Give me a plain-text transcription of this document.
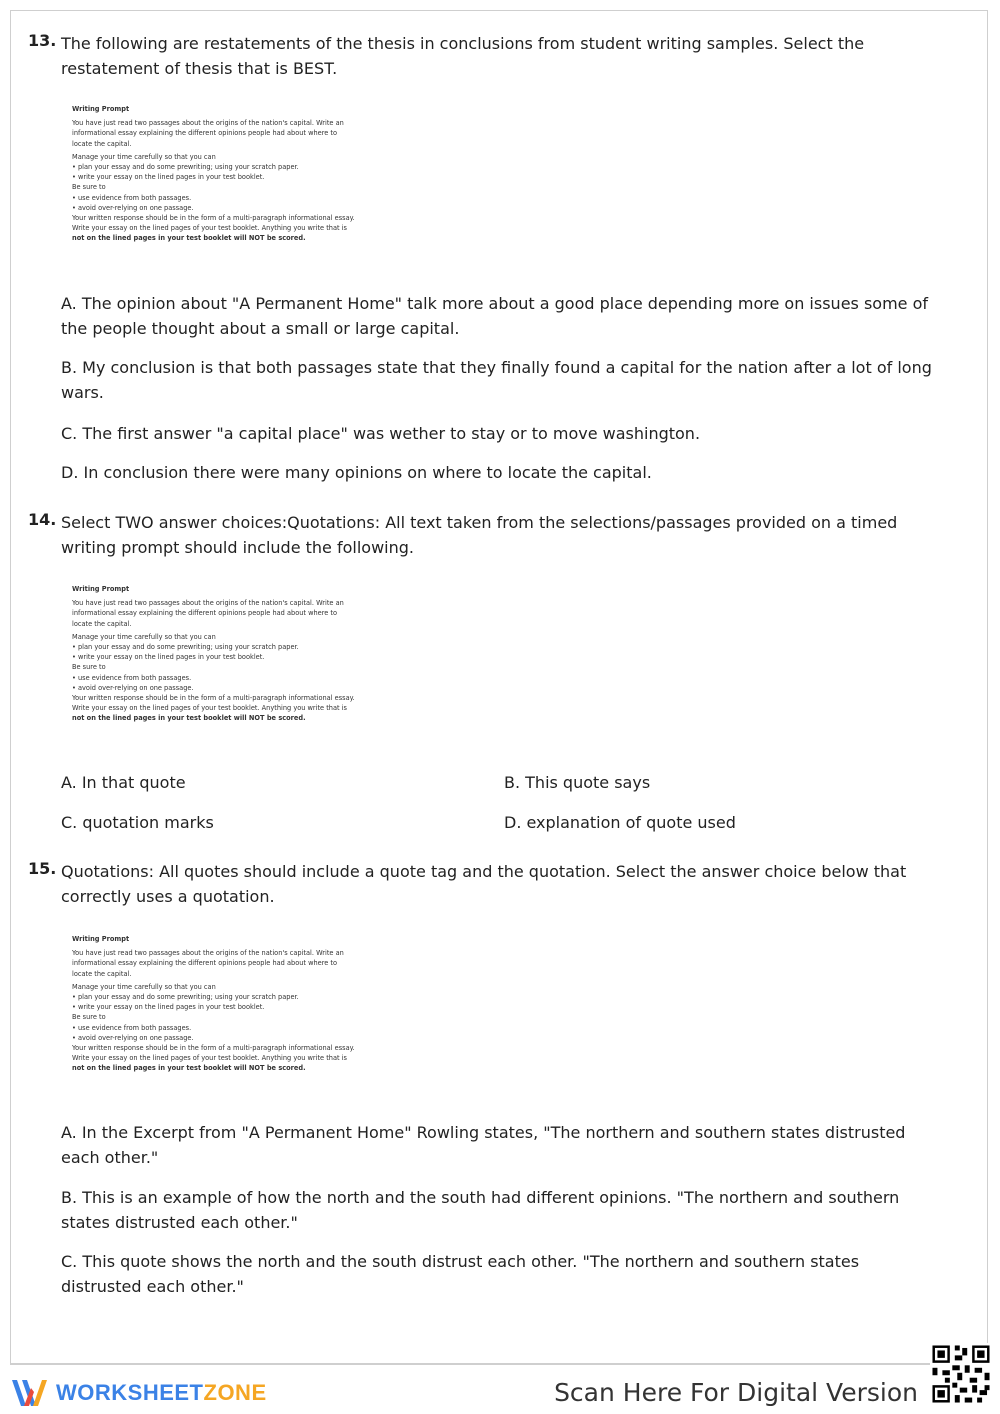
13. The following are restatements of the thesis in conclusions from student writing samples. Select the restatement of thesis that is BEST.
Writing Prompt
You have just read two passages about the origins of the nation's capital. Write an
informational essay explaining the different opinions people had about where to
locate the capital.
Manage your time carefully so that you can
• plan your essay and do some prewriting; using your scratch paper.
• write your essay on the lined pages in your test booklet.
Be sure to
• use evidence from both passages.
• avoid over-relying on one passage.
Your written response should be in the form of a multi-paragraph informational essay.
Write your essay on the lined pages of your test booklet. Anything you write that is
not on the lined pages in your test booklet will NOT be scored.
A. The opinion about "A Permanent Home" talk more about a good place depending more on issues some of the people thought about a small or large capital.
B. My conclusion is that both passages state that they finally found a capital for the nation after a lot of long wars.
C. The first answer "a capital place" was wether to stay or to move washington.
D. In conclusion there were many opinions on where to locate the capital.
14. Select TWO answer choices:Quotations: All text taken from the selections/passages provided on a timed writing prompt should include the following.
Writing Prompt
You have just read two passages about the origins of the nation's capital. Write an
informational essay explaining the different opinions people had about where to
locate the capital.
Manage your time carefully so that you can
• plan your essay and do some prewriting; using your scratch paper.
• write your essay on the lined pages in your test booklet.
Be sure to
• use evidence from both passages.
• avoid over-relying on one passage.
Your written response should be in the form of a multi-paragraph informational essay.
Write your essay on the lined pages of your test booklet. Anything you write that is
not on the lined pages in your test booklet will NOT be scored.
A. In that quote	B. This quote says
C. quotation marks	D. explanation of quote used
15. Quotations: All quotes should include a quote tag and the quotation. Select the answer choice below that correctly uses a quotation.
Writing Prompt
You have just read two passages about the origins of the nation's capital. Write an
informational essay explaining the different opinions people had about where to
locate the capital.
Manage your time carefully so that you can
• plan your essay and do some prewriting; using your scratch paper.
• write your essay on the lined pages in your test booklet.
Be sure to
• use evidence from both passages.
• avoid over-relying on one passage.
Your written response should be in the form of a multi-paragraph informational essay.
Write your essay on the lined pages of your test booklet. Anything you write that is
not on the lined pages in your test booklet will NOT be scored.
A. In the Excerpt from "A Permanent Home" Rowling states, "The northern and southern states distrusted each other."
B. This is an example of how the north and the south had different opinions. "The northern and southern states distrusted each other."
C. This quote shows the north and the south distrust each other. "The northern and southern states distrusted each other."
WORKSHEETZONE	Scan Here For Digital Version
